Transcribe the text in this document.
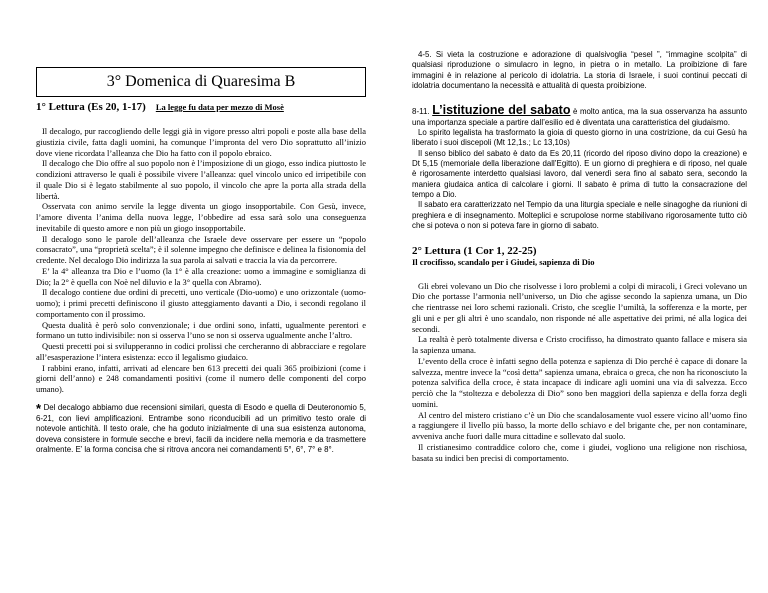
3° Domenica di Quaresima B
1° Lettura (Es 20, 1-17) La legge fu data per mezzo di Mosè

Il decalogo, pur raccogliendo delle leggi già in vigore presso altri popoli e poste alla base della giustizia civile, fatta dagli uomini, ha comunque l’impronta del vero Dio soprattutto all’inizio dove viene ricordata l’alleanza che Dio ha fatto con il popolo ebraico.

Il decalogo che Dio offre al suo popolo non è l’imposizione di un giogo, esso indica piuttosto le condizioni attraverso le quali è possibile vivere l’alleanza: quel vincolo unico ed irripetibile con il quale Dio si è legato stabilmente al suo popolo, il vincolo che apre la porta alla strada della libertà.

Osservata con animo servile la legge diventa un giogo insopportabile. Con Gesù, invece, l’amore diventa l’anima della nuova legge, l’obbedire ad essa sarà solo una conseguenza inevitabile di questo amore e non più un giogo insopportabile.

Il decalogo sono le parole dell’alleanza che Israele deve osservare per essere un “popolo consacrato”, una “proprietà scelta”; è il solenne impegno che definisce e delinea la fisionomia del credente. Nel decalogo Dio indirizza la sua parola ai salvati e traccia la via da percorrere.

E’ la 4° alleanza tra Dio e l’uomo (la 1° è alla creazione: uomo a immagine e somiglianza di Dio; la 2° è quella con Noè nel diluvio e la 3° quella con Abramo).

Il decalogo contiene due ordini di precetti, uno verticale (Dio-uomo) e uno orizzontale (uomo-uomo); i primi precetti definiscono il giusto atteggiamento davanti a Dio, i secondi regolano il comportamento con il prossimo.

Questa dualità è però solo convenzionale; i due ordini sono, infatti, ugualmente perentori e formano un tutto indivisibile: non si osserva l’uno se non si osserva ugualmente anche l’altro.

Questi precetti poi si svilupperanno in codici prolissi che cercheranno di abbracciare e regolare all’esasperazione l’intera esistenza: ecco il legalismo giudaico.

I rabbini erano, infatti, arrivati ad elencare ben 613 precetti dei quali 365 proibizioni (come i giorni dell’anno) e 248 comandamenti positivi (come il numero delle componenti del corpo umano).

* Del decalogo abbiamo due recensioni similari, questa di Esodo e quella di Deuteronomio 5, 6-21, con lievi amplificazioni. Entrambe sono riconducibili ad un primitivo testo orale di notevole antichità. Il testo orale, che ha goduto inizialmente di una sua esistenza autonoma, doveva consistere in formule secche e brevi, facili da incidere nella memoria e da trasmettere oralmente. E’ la forma concisa che si ritrova ancora nei comandamenti 5°, 6°, 7° e 8°.

4-5. Si vieta la costruzione e adorazione di qualsivoglia “pesel ”, “immagine scolpita” di qualsiasi riproduzione o simulacro in legno, in pietra o in metallo. La proibizione di fare immagini è in relazione al pericolo di idolatria. La storia di Israele, i suoi continui peccati di idolatria documentano la necessità e attualità di questa proibizione.

8-11. L’istituzione del sabato è molto antica, ma la sua osservanza ha assunto una importanza speciale a partire dall’esilio ed è diventata una caratteristica del giudaismo.

Lo spirito legalista ha trasformato la gioia di questo giorno in una costrizione, da cui Gesù ha liberato i suoi discepoli (Mt 12,1s.; Lc 13,10s)

Il senso biblico del sabato è dato da Es 20,11 (ricordo del riposo divino dopo la creazione) e Dt 5,15 (memoriale della liberazione dall’Egitto). E un giorno di preghiera e di riposo, nel quale è rigorosamente interdetto qualsiasi lavoro, dal venerdì sera fino al sabato sera, secondo la maniera giudaica antica di calcolare i giorni. Il sabato è prima di tutto la consacrazione del tempo a Dio.

Il sabato era caratterizzato nel Tempio da una liturgia speciale e nelle sinagoghe da riunioni di preghiera e di insegnamento. Molteplici e scrupolose norme stabilivano rigorosamente tutto ciò che si poteva o non si poteva fare in giorno di sabato.

2° Lettura (1 Cor 1, 22-25)
Il crocifisso, scandalo per i Giudei, sapienza di Dio

Gli ebrei volevano un Dio che risolvesse i loro problemi a colpi di miracoli, i Greci volevano un Dio che portasse l’armonia nell’universo, un Dio che agisse secondo la sapienza umana, un Dio che rientrasse nei loro schemi razionali. Cristo, che sceglie l’umiltà, la sofferenza e la morte, per gli uni e per gli altri è uno scandalo, non risponde né alle aspettative dei primi, né alla logica dei secondi.

La realtà è però totalmente diversa e Cristo crocifisso, ha dimostrato quanto fallace e misera sia la sapienza umana.

L’evento della croce è infatti segno della potenza e sapienza di Dio perché è capace di donare la salvezza, mentre invece la “così detta” sapienza umana, ebraica o greca, che non ha riconosciuto la potenza salvifica della croce, è stata incapace di indicare agli uomini una via di salvezza. Ecco perciò che la “stoltezza e debolezza di Dio” sono ben maggiori della sapienza e della forza degli uomini.

Al centro del mistero cristiano c’è un Dio che scandalosamente vuol essere vicino all’uomo fino a raggiungere il livello più basso, la morte dello schiavo e del brigante che, per non contaminare, avveniva anche fuori dalle mura cittadine e sollevato dal suolo.

Il cristianesimo contraddice coloro che, come i giudei, vogliono una religione non rischiosa, basata su indici ben precisi di comportamento.
